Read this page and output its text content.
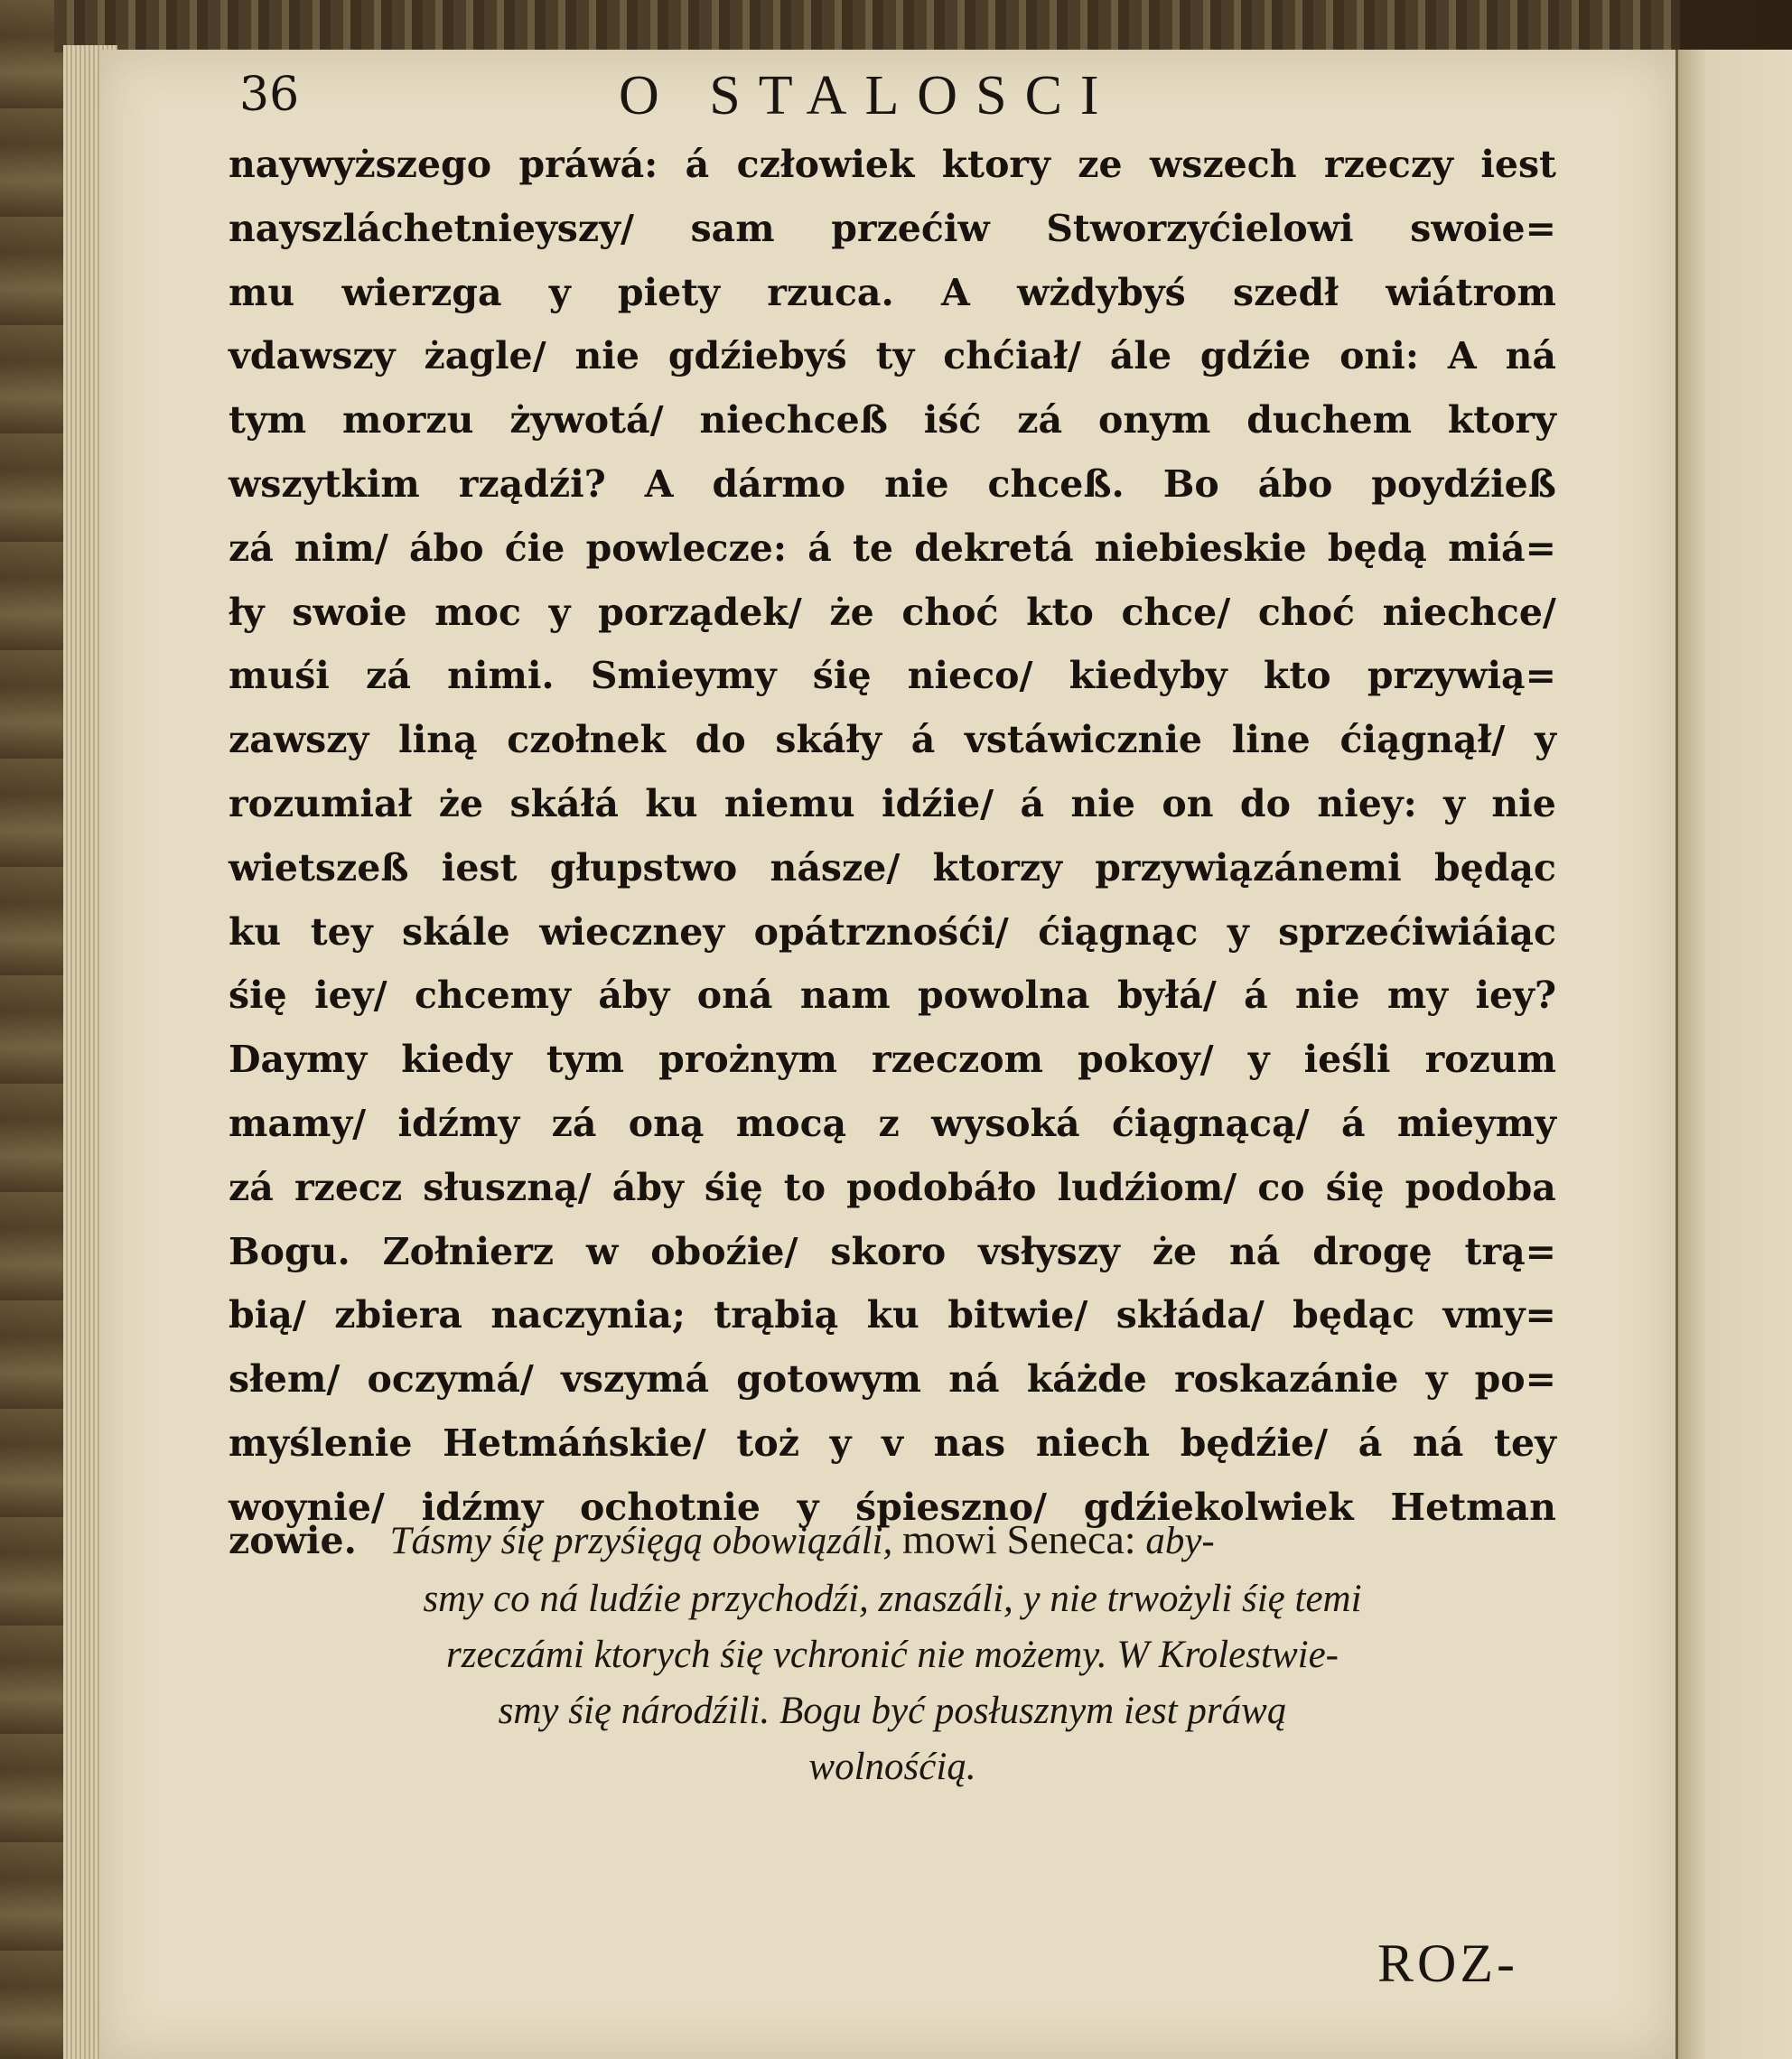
36	O STALOSCI
naywyższego práwá: á człowiek ktory ze wszech rzeczy iest
nayszláchetnieyszy/ sam przećiw Stworzyćielowi swoie=
mu wierzga y piety rzuca. A wżdybyś szedł wiátrom
vdawszy żagle/ nie gdźiebyś ty chćiał/ ále gdźie oni: A ná
tym morzu żywotá/ niechceß iść zá onym duchem ktory
wszytkim rządźi? A dármo nie chceß. Bo ábo poydźieß
zá nim/ ábo ćie powlecze: á te dekretá niebieskie będą miá=
ły swoie moc y porządek/ że choć kto chce/ choć niechce/
muśi zá nimi. Smieymy śię nieco/ kiedyby kto przywią=
zawszy liną czołnek do skáły á vstáwicznie line ćiągnął/ y
rozumiał że skáłá ku niemu idźie/ á nie on do niey: y nie
wietszeß iest głupstwo násze/ ktorzy przywiązánemi będąc
ku tey skále wieczney opátrznośći/ ćiągnąc y sprzećiwiáiąc
śię iey/ chcemy áby oná nam powolna byłá/ á nie my iey?
Daymy kiedy tym prożnym rzeczom pokoy/ y ieśli rozum
mamy/ idźmy zá oną mocą z wysoká ćiągnącą/ á mieymy
zá rzecz słuszną/ áby śię to podobáło ludźiom/ co śię podoba
Bogu. Zołnierz w oboźie/ skoro vsłyszy że ná drogę trą=
bią/ zbiera naczynia; trąbią ku bitwie/ skłáda/ będąc vmy=
słem/ oczymá/ vszymá gotowym ná káżde roskazánie y po=
myślenie Hetmáńskie/ toż y v nas niech będźie/ á ná tey
woynie/ idźmy ochotnie y śpieszno/ gdźiekolwiek Hetman
zowie. Tásmy śię przyśięgą obowiązáli, mowi Seneca: aby-
smy co ná ludźie przychodźi, znaszáli, y nie trwożyli śię temi
rzeczámi ktorych śię vchronić nie możemy. W Krolestwie-
smy śię národźili. Bogu być posłusznym iest práwą
wolnośćią.
ROZ-
